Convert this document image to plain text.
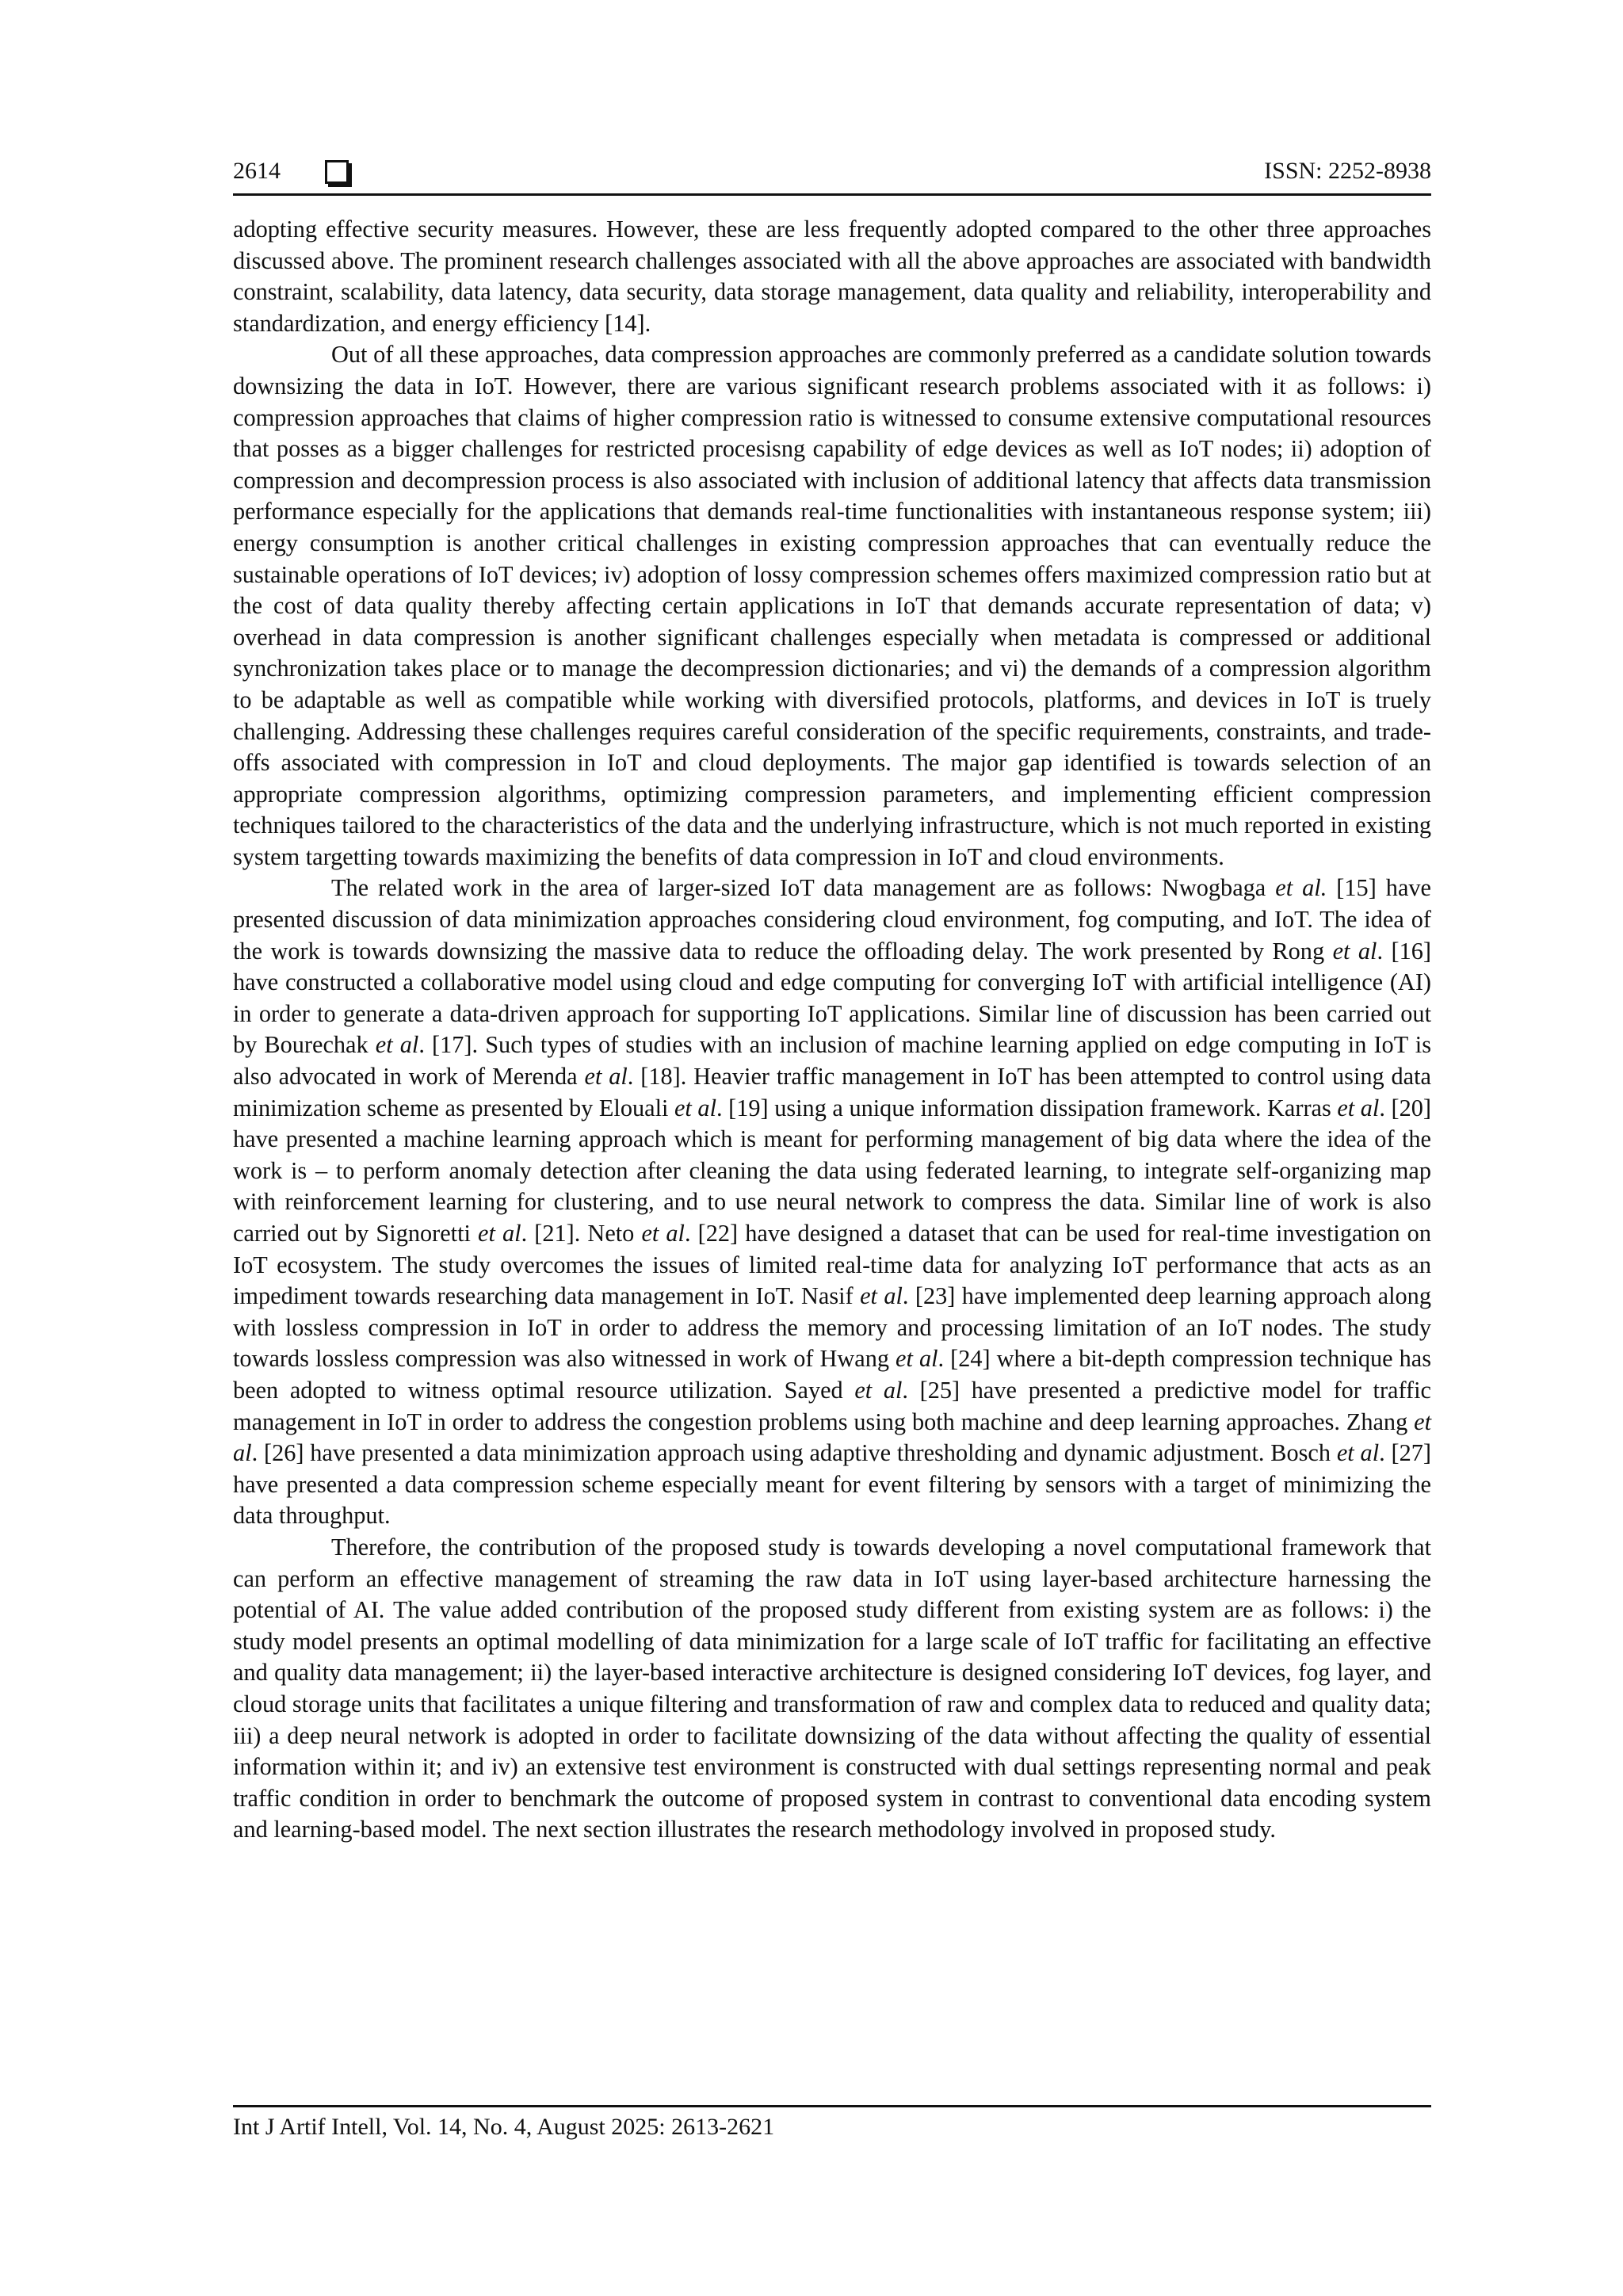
2614	ISSN: 2252-8938

adopting effective security measures. However, these are less frequently adopted compared to the other three approaches discussed above. The prominent research challenges associated with all the above approaches are associated with bandwidth constraint, scalability, data latency, data security, data storage management, data quality and reliability, interoperability and standardization, and energy efficiency [14].

Out of all these approaches, data compression approaches are commonly preferred as a candidate solution towards downsizing the data in IoT. However, there are various significant research problems associated with it as follows: i) compression approaches that claims of higher compression ratio is witnessed to consume extensive computational resources that posses as a bigger challenges for restricted procesisng capability of edge devices as well as IoT nodes; ii) adoption of compression and decompression process is also associated with inclusion of additional latency that affects data transmission performance especially for the applications that demands real-time functionalities with instantaneous response system; iii) energy consumption is another critical challenges in existing compression approaches that can eventually reduce the sustainable operations of IoT devices; iv) adoption of lossy compression schemes offers maximized compression ratio but at the cost of data quality thereby affecting certain applications in IoT that demands accurate representation of data; v) overhead in data compression is another significant challenges especially when metadata is compressed or additional synchronization takes place or to manage the decompression dictionaries; and vi) the demands of a compression algorithm to be adaptable as well as compatible while working with diversified protocols, platforms, and devices in IoT is truely challenging. Addressing these challenges requires careful consideration of the specific requirements, constraints, and trade-offs associated with compression in IoT and cloud deployments. The major gap identified is towards selection of an appropriate compression algorithms, optimizing compression parameters, and implementing efficient compression techniques tailored to the characteristics of the data and the underlying infrastructure, which is not much reported in existing system targetting towards maximizing the benefits of data compression in IoT and cloud environments.

The related work in the area of larger-sized IoT data management are as follows: Nwogbaga et al. [15] have presented discussion of data minimization approaches considering cloud environment, fog computing, and IoT. The idea of the work is towards downsizing the massive data to reduce the offloading delay. The work presented by Rong et al. [16] have constructed a collaborative model using cloud and edge computing for converging IoT with artificial intelligence (AI) in order to generate a data-driven approach for supporting IoT applications. Similar line of discussion has been carried out by Bourechak et al. [17]. Such types of studies with an inclusion of machine learning applied on edge computing in IoT is also advocated in work of Merenda et al. [18]. Heavier traffic management in IoT has been attempted to control using data minimization scheme as presented by Elouali et al. [19] using a unique information dissipation framework. Karras et al. [20] have presented a machine learning approach which is meant for performing management of big data where the idea of the work is – to perform anomaly detection after cleaning the data using federated learning, to integrate self-organizing map with reinforcement learning for clustering, and to use neural network to compress the data. Similar line of work is also carried out by Signoretti et al. [21]. Neto et al. [22] have designed a dataset that can be used for real-time investigation on IoT ecosystem. The study overcomes the issues of limited real-time data for analyzing IoT performance that acts as an impediment towards researching data management in IoT. Nasif et al. [23] have implemented deep learning approach along with lossless compression in IoT in order to address the memory and processing limitation of an IoT nodes. The study towards lossless compression was also witnessed in work of Hwang et al. [24] where a bit-depth compression technique has been adopted to witness optimal resource utilization. Sayed et al. [25] have presented a predictive model for traffic management in IoT in order to address the congestion problems using both machine and deep learning approaches. Zhang et al. [26] have presented a data minimization approach using adaptive thresholding and dynamic adjustment. Bosch et al. [27] have presented a data compression scheme especially meant for event filtering by sensors with a target of minimizing the data throughput.

Therefore, the contribution of the proposed study is towards developing a novel computational framework that can perform an effective management of streaming the raw data in IoT using layer-based architecture harnessing the potential of AI. The value added contribution of the proposed study different from existing system are as follows: i) the study model presents an optimal modelling of data minimization for a large scale of IoT traffic for facilitating an effective and quality data management; ii) the layer-based interactive architecture is designed considering IoT devices, fog layer, and cloud storage units that facilitates a unique filtering and transformation of raw and complex data to reduced and quality data; iii) a deep neural network is adopted in order to facilitate downsizing of the data without affecting the quality of essential information within it; and iv) an extensive test environment is constructed with dual settings representing normal and peak traffic condition in order to benchmark the outcome of proposed system in contrast to conventional data encoding system and learning-based model. The next section illustrates the research methodology involved in proposed study.

Int J Artif Intell, Vol. 14, No. 4, August 2025: 2613-2621
